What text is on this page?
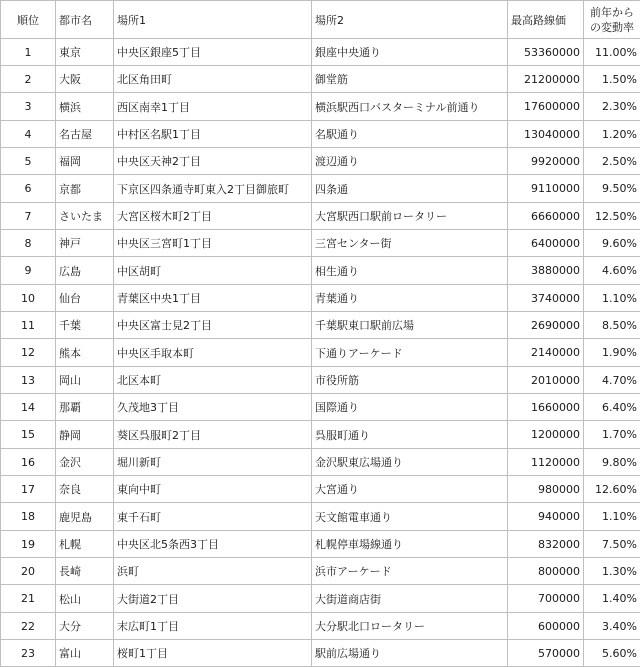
順位	都市名	場所1	場所2	最高路線価	前年から
の変動率

1	東京	中央区銀座5丁目	銀座中央通り	53360000	11.00%
2	大阪	北区角田町	御堂筋	21200000	1.50%
3	横浜	西区南幸1丁目	横浜駅西口バスターミナル前通り	17600000	2.30%
4	名古屋	中村区名駅1丁目	名駅通り	13040000	1.20%
5	福岡	中央区天神2丁目	渡辺通り	9920000	2.50%
6	京都	下京区四条通寺町東入2丁目御旅町	四条通	9110000	9.50%
7	さいたま	大宮区桜木町2丁目	大宮駅西口駅前ロータリー	6660000	12.50%
8	神戸	中央区三宮町1丁目	三宮センター街	6400000	9.60%
9	広島	中区胡町	相生通り	3880000	4.60%
10	仙台	青葉区中央1丁目	青葉通り	3740000	1.10%
11	千葉	中央区富士見2丁目	千葉駅東口駅前広場	2690000	8.50%
12	熊本	中央区手取本町	下通りアーケード	2140000	1.90%
13	岡山	北区本町	市役所筋	2010000	4.70%
14	那覇	久茂地3丁目	国際通り	1660000	6.40%
15	静岡	葵区呉服町2丁目	呉服町通り	1200000	1.70%
16	金沢	堀川新町	金沢駅東広場通り	1120000	9.80%
17	奈良	東向中町	大宮通り	980000	12.60%
18	鹿児島	東千石町	天文館電車通り	940000	1.10%
19	札幌	中央区北5条西3丁目	札幌停車場線通り	832000	7.50%
20	長崎	浜町	浜市アーケード	800000	1.30%
21	松山	大街道2丁目	大街道商店街	700000	1.40%
22	大分	末広町1丁目	大分駅北口ロータリー	600000	3.40%
23	富山	桜町1丁目	駅前広場通り	570000	5.60%
